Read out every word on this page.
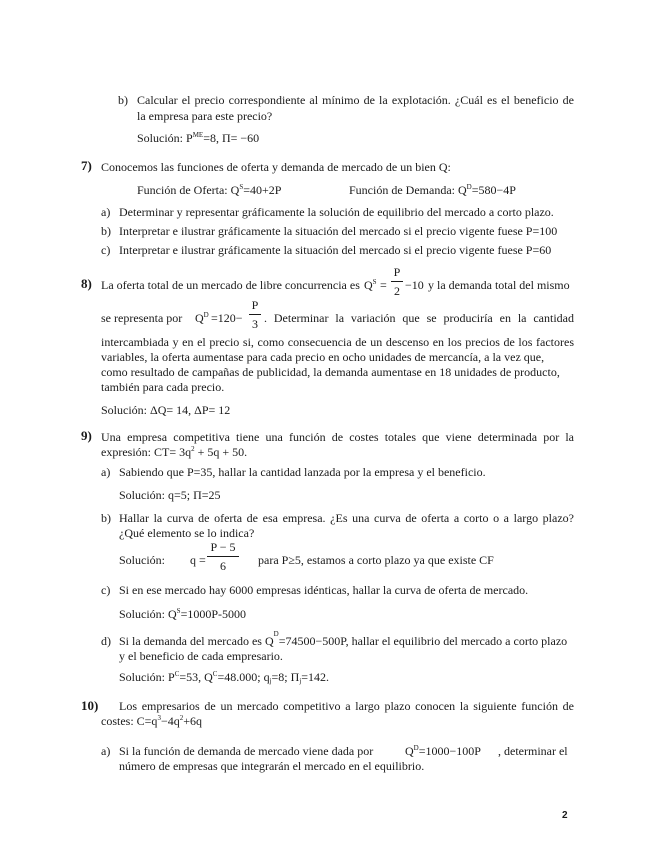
b) Calcular el precio correspondiente al mínimo de la explotación. ¿Cuál es el beneficio de
la empresa para este precio?
Solución: $P^{ME}=8$, Π= −60
7) Conocemos las funciones de oferta y demanda de mercado de un bien Q:
Función de Oferta: $Q^S=40+2P$	Función de Demanda: $Q^D=580-4P$
a) Determinar y representar gráficamente la solución de equilibrio del mercado a corto plazo.
b) Interpretar e ilustrar gráficamente la situación del mercado si el precio vigente fuese P=100
c) Interpretar e ilustrar gráficamente la situación del mercado si el precio vigente fuese P=60
8) La oferta total de un mercado de libre concurrencia es $Q^S$ =
P
2 −10 y la demanda total del mismo
se representa por $Q^D =120-$
P
3 . Determinar la variación que se produciría en la cantidad
intercambiada y en el precio si, como consecuencia de un descenso en los precios de los factores
variables, la oferta aumentase para cada precio en ocho unidades de mercancía, a la vez que,
como resultado de campañas de publicidad, la demanda aumentase en 18 unidades de producto,
también para cada precio.
Solución: ΔQ= 14, ΔP= 12
9) Una empresa competitiva tiene una función de costes totales que viene determinada por la
expresión: $CT= 3q^2 + 5q + 50$.
a) Sabiendo que P=35, hallar la cantidad lanzada por la empresa y el beneficio.
Solución: q=5; Π=25
b) Hallar la curva de oferta de esa empresa. ¿Es una curva de oferta a corto o a largo plazo?
¿Qué elemento se lo indica?
Solución: q =
P − 5
6	para P≥5, estamos a corto plazo ya que existe CF
c) Si en ese mercado hay 6000 empresas idénticas, hallar la curva de oferta de mercado.
Solución: $Q^S=1000P-5000$
d) Si la demanda del mercado es $Q^D=74500-500P$, hallar el equilibrio del mercado a corto plazo
y el beneficio de cada empresario.
Solución: $P^C=53$, $Q^C=48.000$; $q_j=8$; $\Pi_j=142$.
10) Los empresarios de un mercado competitivo a largo plazo conocen la siguiente función de
costes: $C=q^3-4q^2+6q$
a) Si la función de demanda de mercado viene dada por	$Q^D=1000-100P$ , determinar el
número de empresas que integrarán el mercado en el equilibrio.
2
